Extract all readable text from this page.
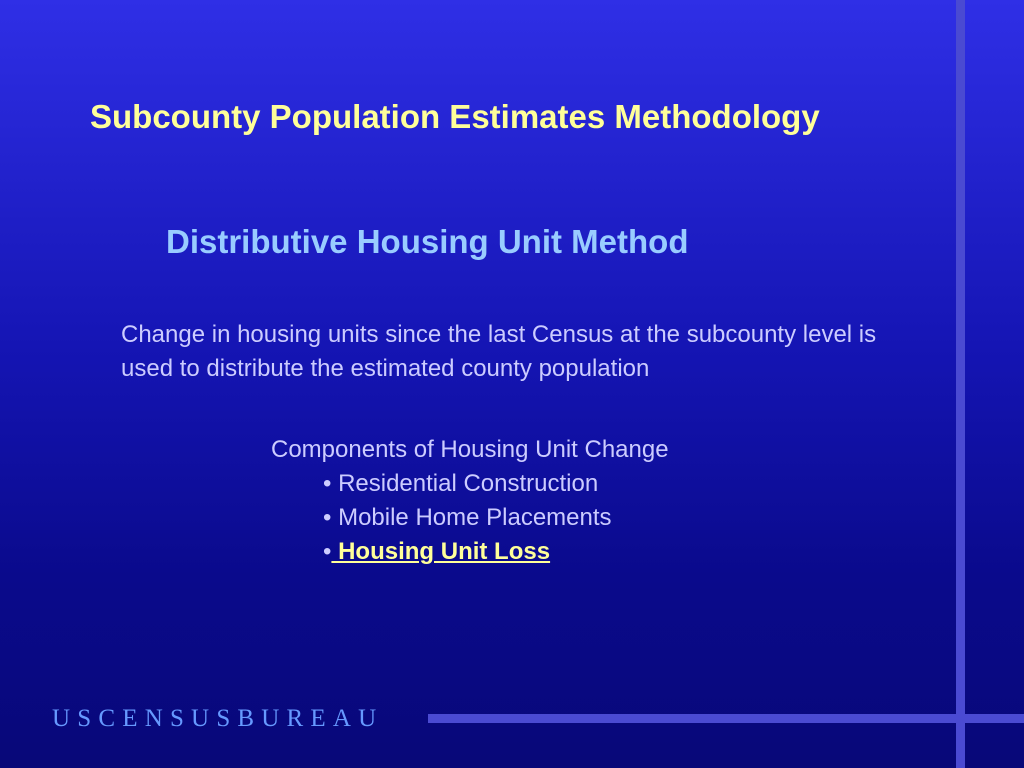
Subcounty Population Estimates Methodology
Distributive Housing Unit Method

Change in housing units since the last Census at the subcounty level is used to distribute the estimated county population

Components of Housing Unit Change
• Residential Construction
• Mobile Home Placements
• Housing Unit Loss
USCENSUSBUREAU
